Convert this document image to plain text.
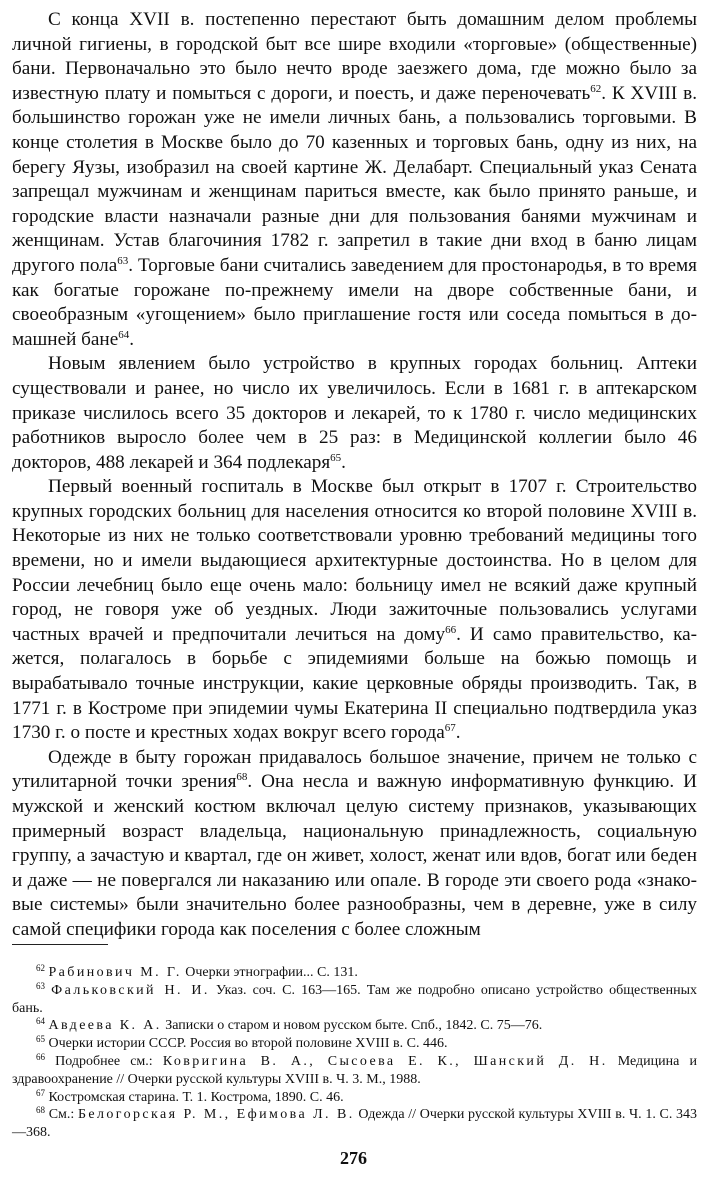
С конца XVII в. постепенно перестают быть домашним делом проблемы личной гигиены, в городской быт все шире входили «торговые» (общественные) бани. Первоначально это было нечто вроде заезжего дома, где можно было за известную плату и помыться с дороги, и поесть, и даже переночевать$^{62}$. К XVIII в. большинство горожан уже не имели личных бань, а пользовались торговыми. В конце столетия в Москве было до 70 казенных и торговых бань, одну из них, на берегу Яузы, изобразил на своей картине Ж. Делабарт. Специальный указ Сената запрещал мужчинам и женщинам париться вместе, как было принято раньше, и городские власти назначали разные дни для пользования банями мужчинам и женщинам. Устав благочиния 1782 г. запретил в такие дни вход в баню лицам другого пола$^{63}$. Торговые бани считались заведением для простонародья, в то время как богатые горожане по-прежнему имели на дворе собственные бани, и своеобразным «угощением» было приглашение гостя или соседа помыться в домашней бане$^{64}$.

Новым явлением было устройство в крупных городах больниц. Аптеки существовали и ранее, но число их увеличилось. Если в 1681 г. в аптекарском приказе числилось всего 35 докторов и лекарей, то к 1780 г. число медицинских работников выросло более чем в 25 раз: в Медицинской коллегии было 46 докторов, 488 лекарей и 364 подлекаря$^{65}$.

Первый военный госпиталь в Москве был открыт в 1707 г. Строительство крупных городских больниц для населения относится ко второй половине XVIII в. Некоторые из них не только соответствовали уровню требований медицины того времени, но и имели выдающиеся архитектурные достоинства. Но в целом для России лечебниц было еще очень мало: больницу имел не всякий даже крупный город, не говоря уже об уездных. Люди зажиточные пользовались услугами частных врачей и предпочитали лечиться на дому$^{66}$. И само правительство, кажется, полагалось в борьбе с эпидемиями больше на божью помощь и вырабатывало точные инструкции, какие церковные обряды производить. Так, в 1771 г. в Костроме при эпидемии чумы Екатерина II специально подтвердила указ 1730 г. о посте и крестных ходах вокруг всего города$^{67}$.

Одежде в быту горожан придавалось большое значение, причем не только с утилитарной точки зрения$^{68}$. Она несла и важную информативную функцию. И мужской и женский костюм включал целую систему признаков, указывающих примерный возраст владельца, национальную принадлежность, социальную группу, а зачастую и квартал, где он живет, холост, женат или вдов, богат или беден и даже — не повергался ли наказанию или опале. В городе эти своего рода «знаковые системы» были значительно более разнообразны, чем в деревне, уже в силу самой специфики города как поселения с более сложным

$^{62}$ Рабинович М. Г. Очерки этнографии... С. 131.

$^{63}$ Фальковский Н. И. Указ. соч. С. 163—165. Там же подробно описано устройство общественных бань.

$^{64}$ Авдеева К. А. Записки о старом и новом русском быте. Спб., 1842. С. 75—76.

$^{65}$ Очерки истории СССР. Россия во второй половине XVIII в. С. 446.

$^{66}$ Подробнее см.: Ковригина В. А., Сысоева Е. К., Шанский Д. Н. Медицина и здравоохранение // Очерки русской культуры XVIII в. Ч. 3. М., 1988.

$^{67}$ Костромская старина. Т. 1. Кострома, 1890. С. 46.

$^{68}$ См.: Белогорская Р. М., Ефимова Л. В. Одежда // Очерки русской культуры XVIII в. Ч. 1. С. 343—368.

276
